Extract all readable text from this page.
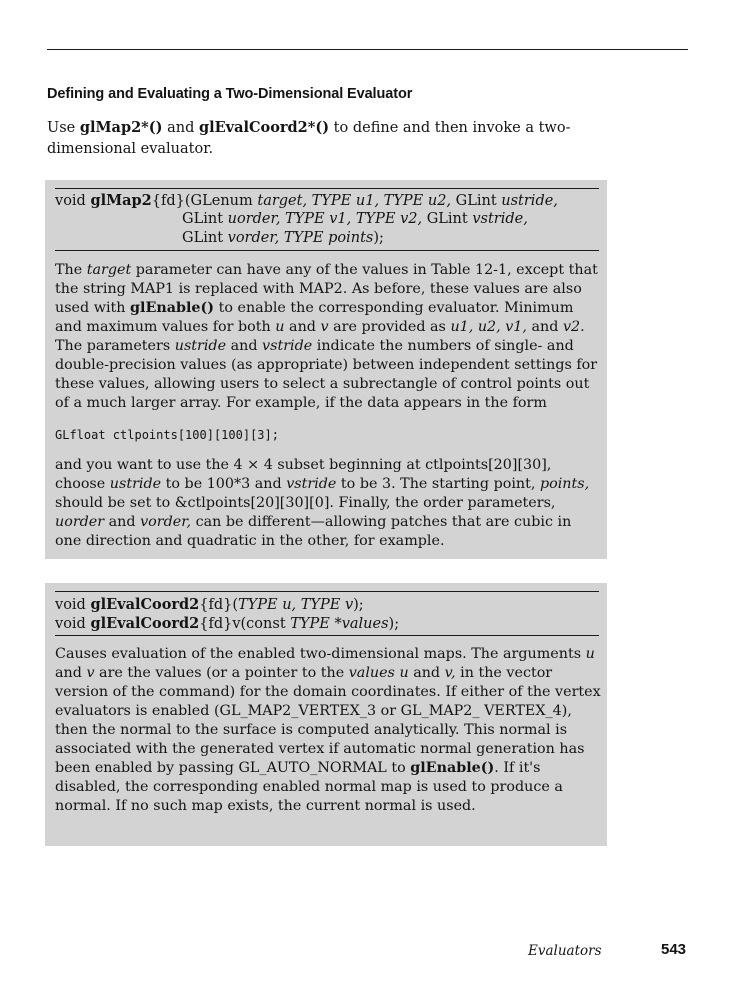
Defining and Evaluating a Two-Dimensional Evaluator
Use glMap2*() and glEvalCoord2*() to define and then invoke a two-dimensional evaluator.
void glMap2{fd}(GLenum target, TYPE u1, TYPE u2, GLint ustride,
GLint uorder, TYPE v1, TYPE v2, GLint vstride,
GLint vorder, TYPE points);
The target parameter can have any of the values in Table 12-1, except that the string MAP1 is replaced with MAP2. As before, these values are also used with glEnable() to enable the corresponding evaluator. Minimum and maximum values for both u and v are provided as u1, u2, v1, and v2. The parameters ustride and vstride indicate the numbers of single- and double-precision values (as appropriate) between independent settings for these values, allowing users to select a subrectangle of control points out of a much larger array. For example, if the data appears in the form
GLfloat ctlpoints[100][100][3];
and you want to use the 4 × 4 subset beginning at ctlpoints[20][30], choose ustride to be 100*3 and vstride to be 3. The starting point, points, should be set to &ctlpoints[20][30][0]. Finally, the order parameters, uorder and vorder, can be different—allowing patches that are cubic in one direction and quadratic in the other, for example.
void glEvalCoord2{fd}(TYPE u, TYPE v);
void glEvalCoord2{fd}v(const TYPE *values);
Causes evaluation of the enabled two-dimensional maps. The arguments u and v are the values (or a pointer to the values u and v, in the vector version of the command) for the domain coordinates. If either of the vertex evaluators is enabled (GL_MAP2_VERTEX_3 or GL_MAP2_ VERTEX_4), then the normal to the surface is computed analytically. This normal is associated with the generated vertex if automatic normal generation has been enabled by passing GL_AUTO_NORMAL to glEnable(). If it's disabled, the corresponding enabled normal map is used to produce a normal. If no such map exists, the current normal is used.
Evaluators	543
